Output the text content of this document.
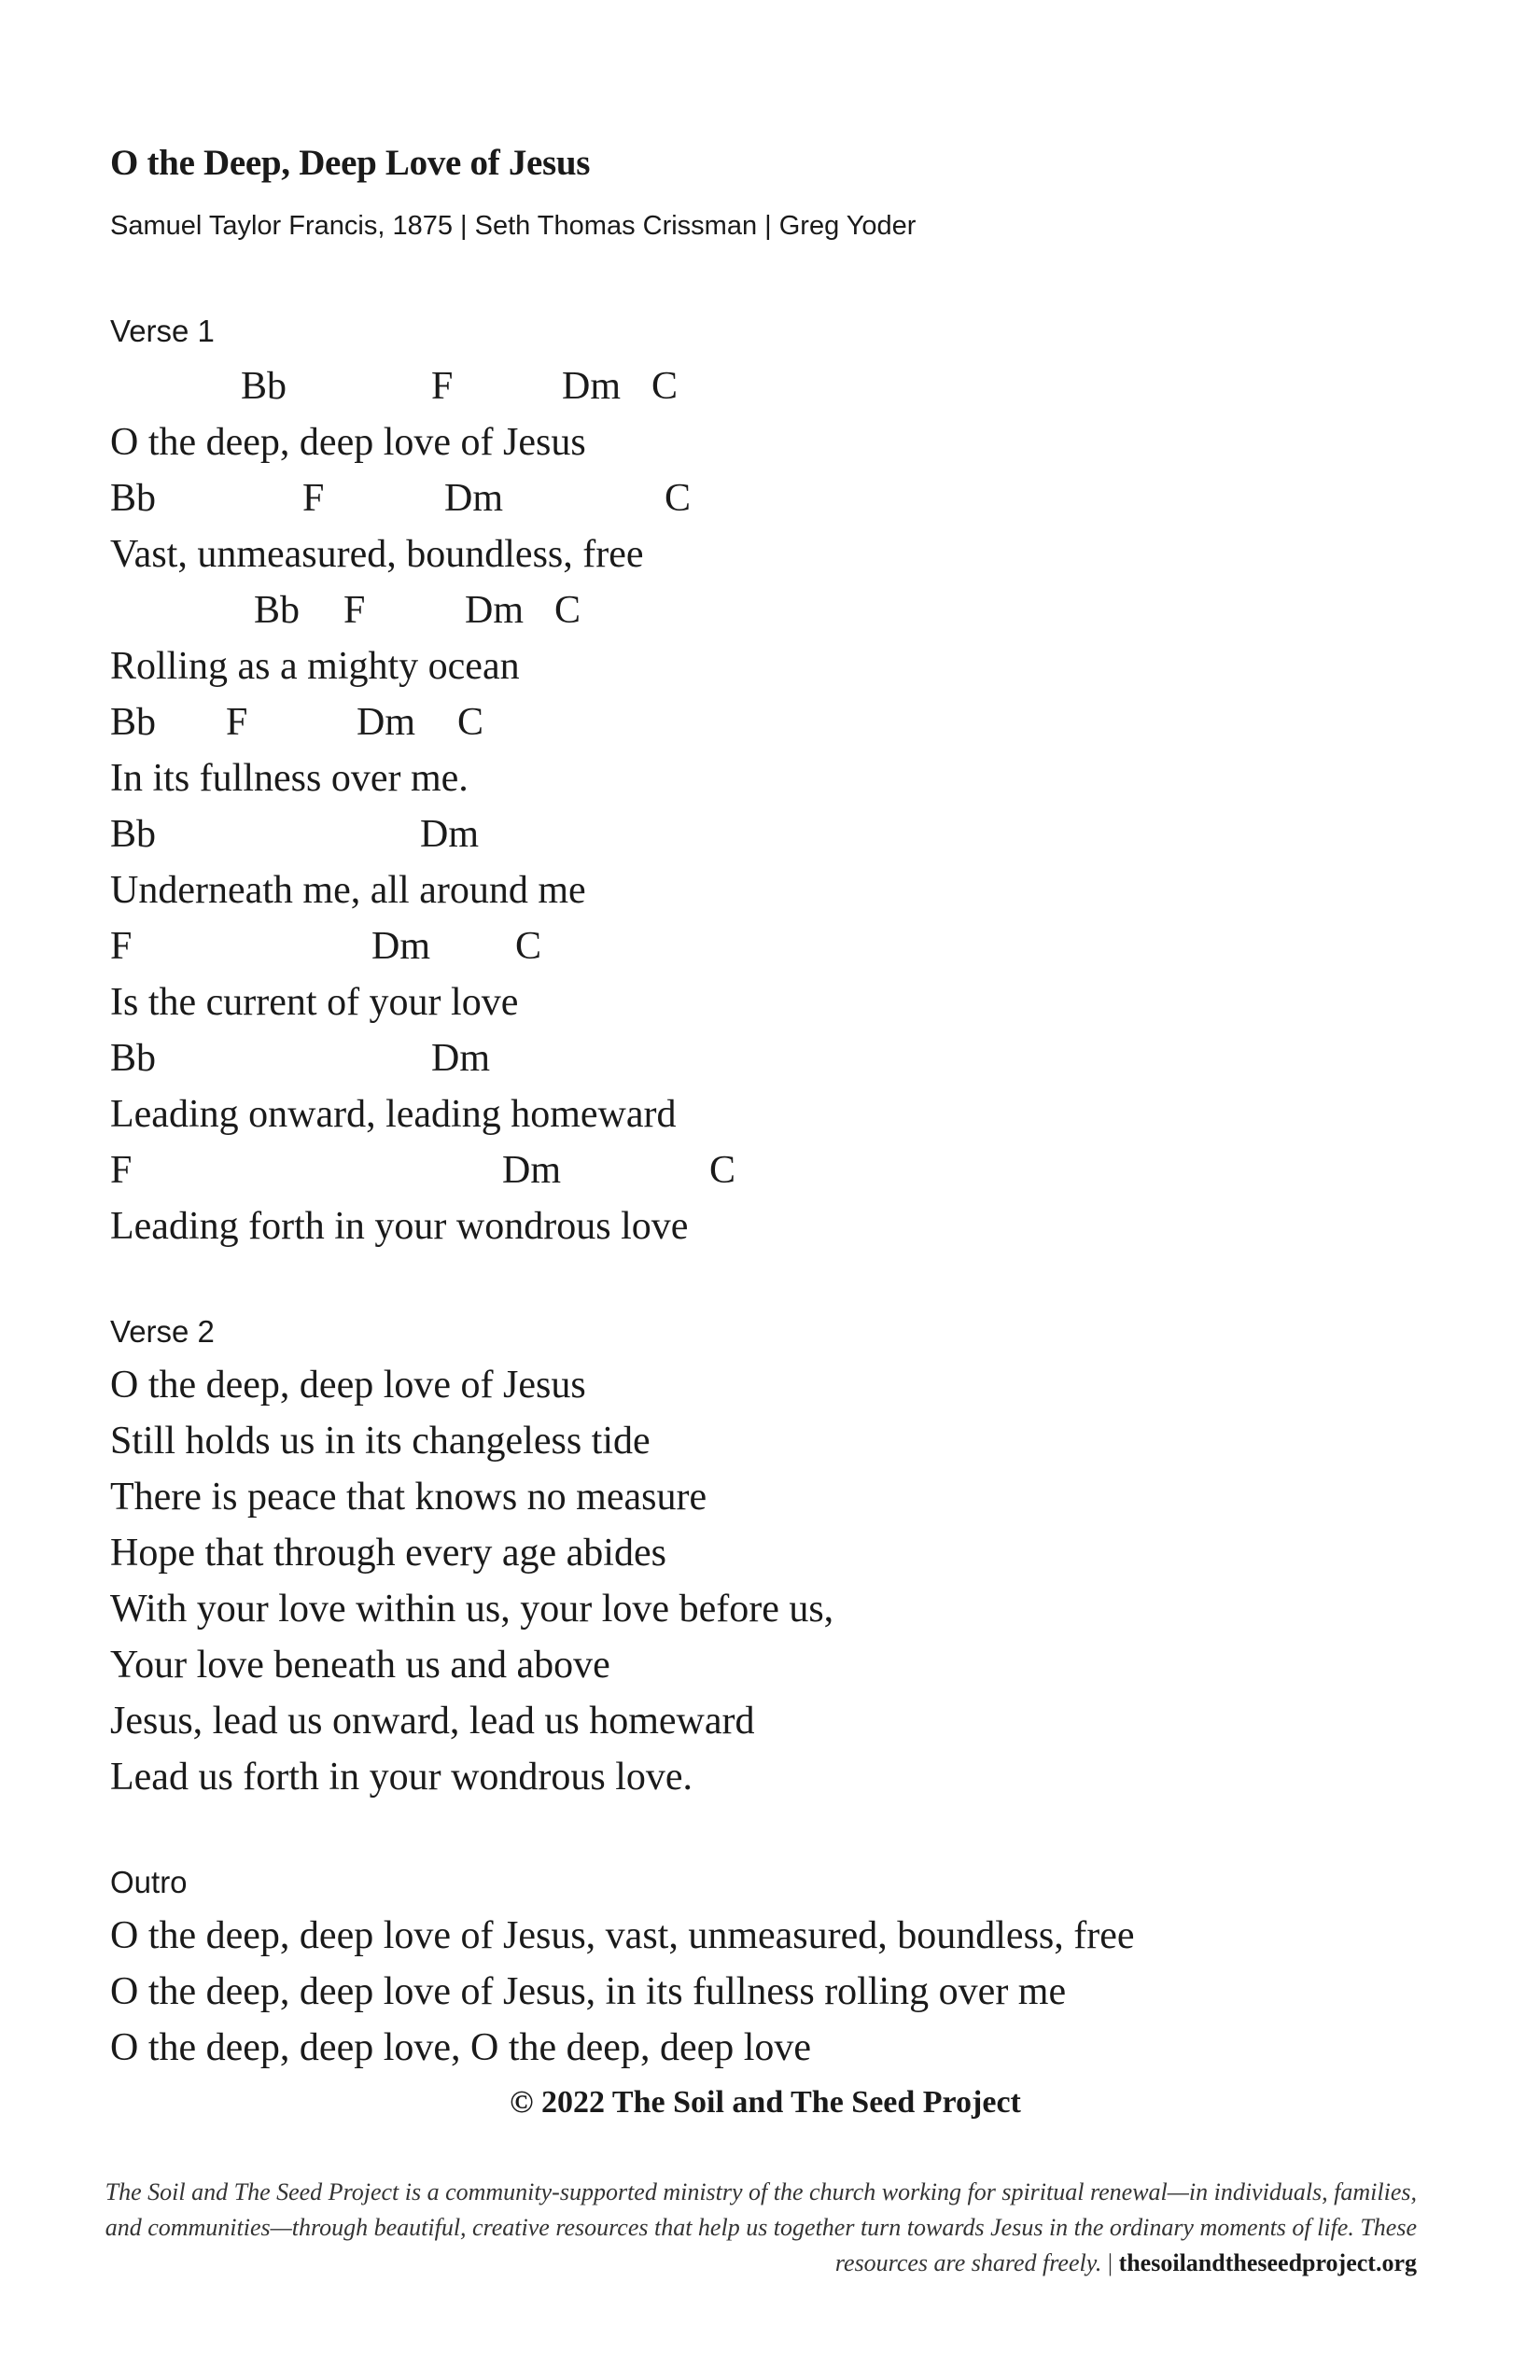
O the Deep, Deep Love of Jesus
Samuel Taylor Francis, 1875 | Seth Thomas Crissman | Greg Yoder
Verse 1
Bb	F	Dm C
O the deep, deep love of Jesus
Bb	F	Dm	C
Vast, unmeasured, boundless, free
Bb F	Dm C
Rolling as a mighty ocean
Bb F	Dm C
In its fullness over me.
Bb	Dm
Underneath me, all around me
F	Dm C
Is the current of your love
Bb	Dm
Leading onward, leading homeward
F	Dm	C
Leading forth in your wondrous love
Verse 2
O the deep, deep love of Jesus
Still holds us in its changeless tide
There is peace that knows no measure
Hope that through every age abides
With your love within us, your love before us,
Your love beneath us and above
Jesus, lead us onward, lead us homeward
Lead us forth in your wondrous love.
Outro
O the deep, deep love of Jesus, vast, unmeasured, boundless, free
O the deep, deep love of Jesus, in its fullness rolling over me
O the deep, deep love, O the deep, deep love
© 2022 The Soil and The Seed Project
The Soil and The Seed Project is a community-supported ministry of the church working for spiritual renewal—in individuals, families, and communities—through beautiful, creative resources that help us together turn towards Jesus in the ordinary moments of life. These resources are shared freely. | thesoilandtheseedproject.org
